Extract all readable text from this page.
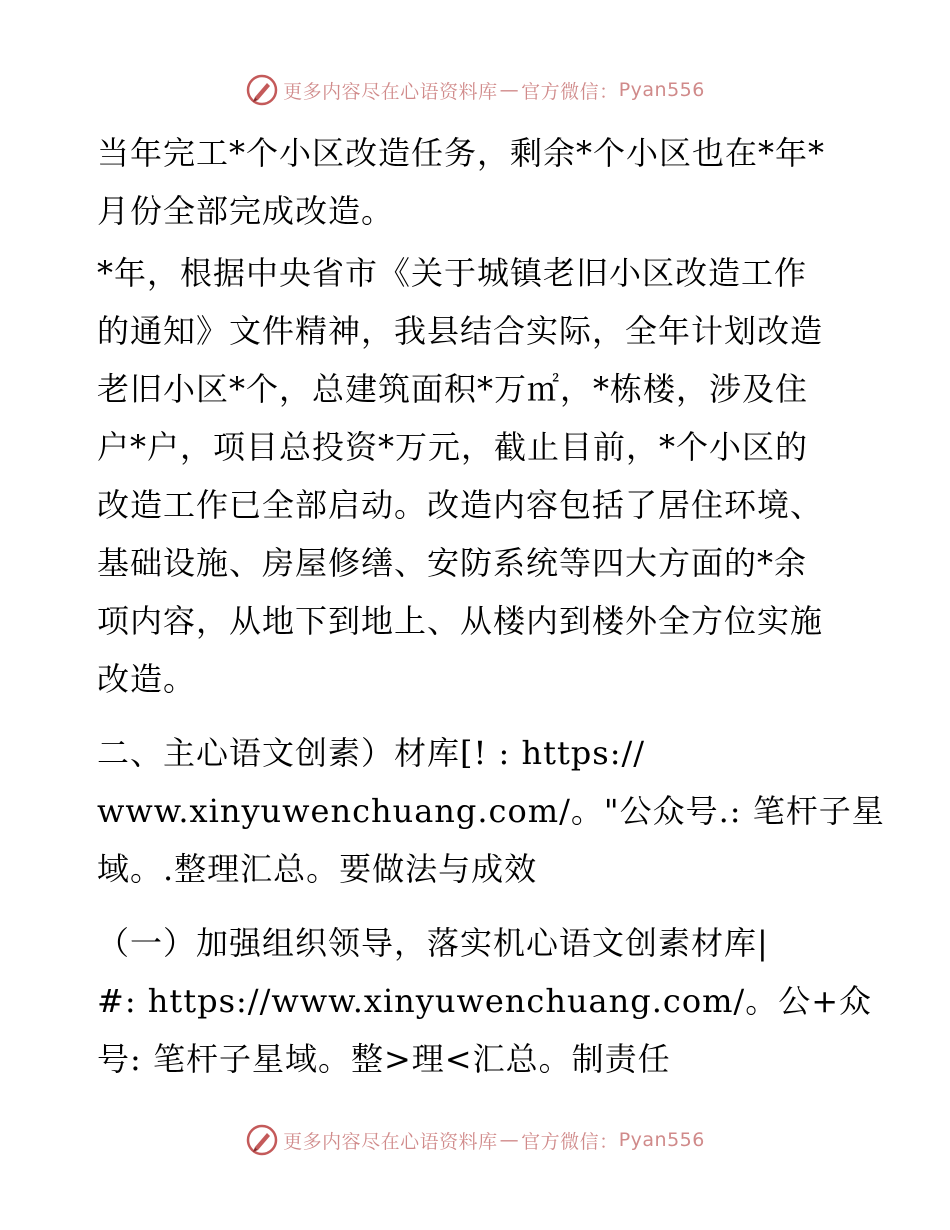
更多内容尽在心语资料库 — 官方微信： Pyan556
当年完工*个小区改造任务，剩余*个小区也在*年*
月份全部完成改造。
*年，根据中央省市《关于城镇老旧小区改造工作
的通知》文件精神，我县结合实际，全年计划改造
老旧小区*个，总建筑面积*万㎡，*栋楼，涉及住
户*户，项目总投资*万元，截止目前，*个小区的
改造工作已全部启动。改造内容包括了居住环境、
基础设施、房屋修缮、安防系统等四大方面的*余
项内容，从地下到地上、从楼内到楼外全方位实施
改造。
二、主心语文创素）材库[! : https://
www.xinyuwenchuang.com/。"公众号.: 笔杆子星
域。.整理汇总。要做法与成效
（一）加强组织领导，落实机心语文创素材库|
#: https://www.xinyuwenchuang.com/。公+众
号: 笔杆子星域。整>理<汇总。制责任
更多内容尽在心语资料库 — 官方微信： Pyan556
